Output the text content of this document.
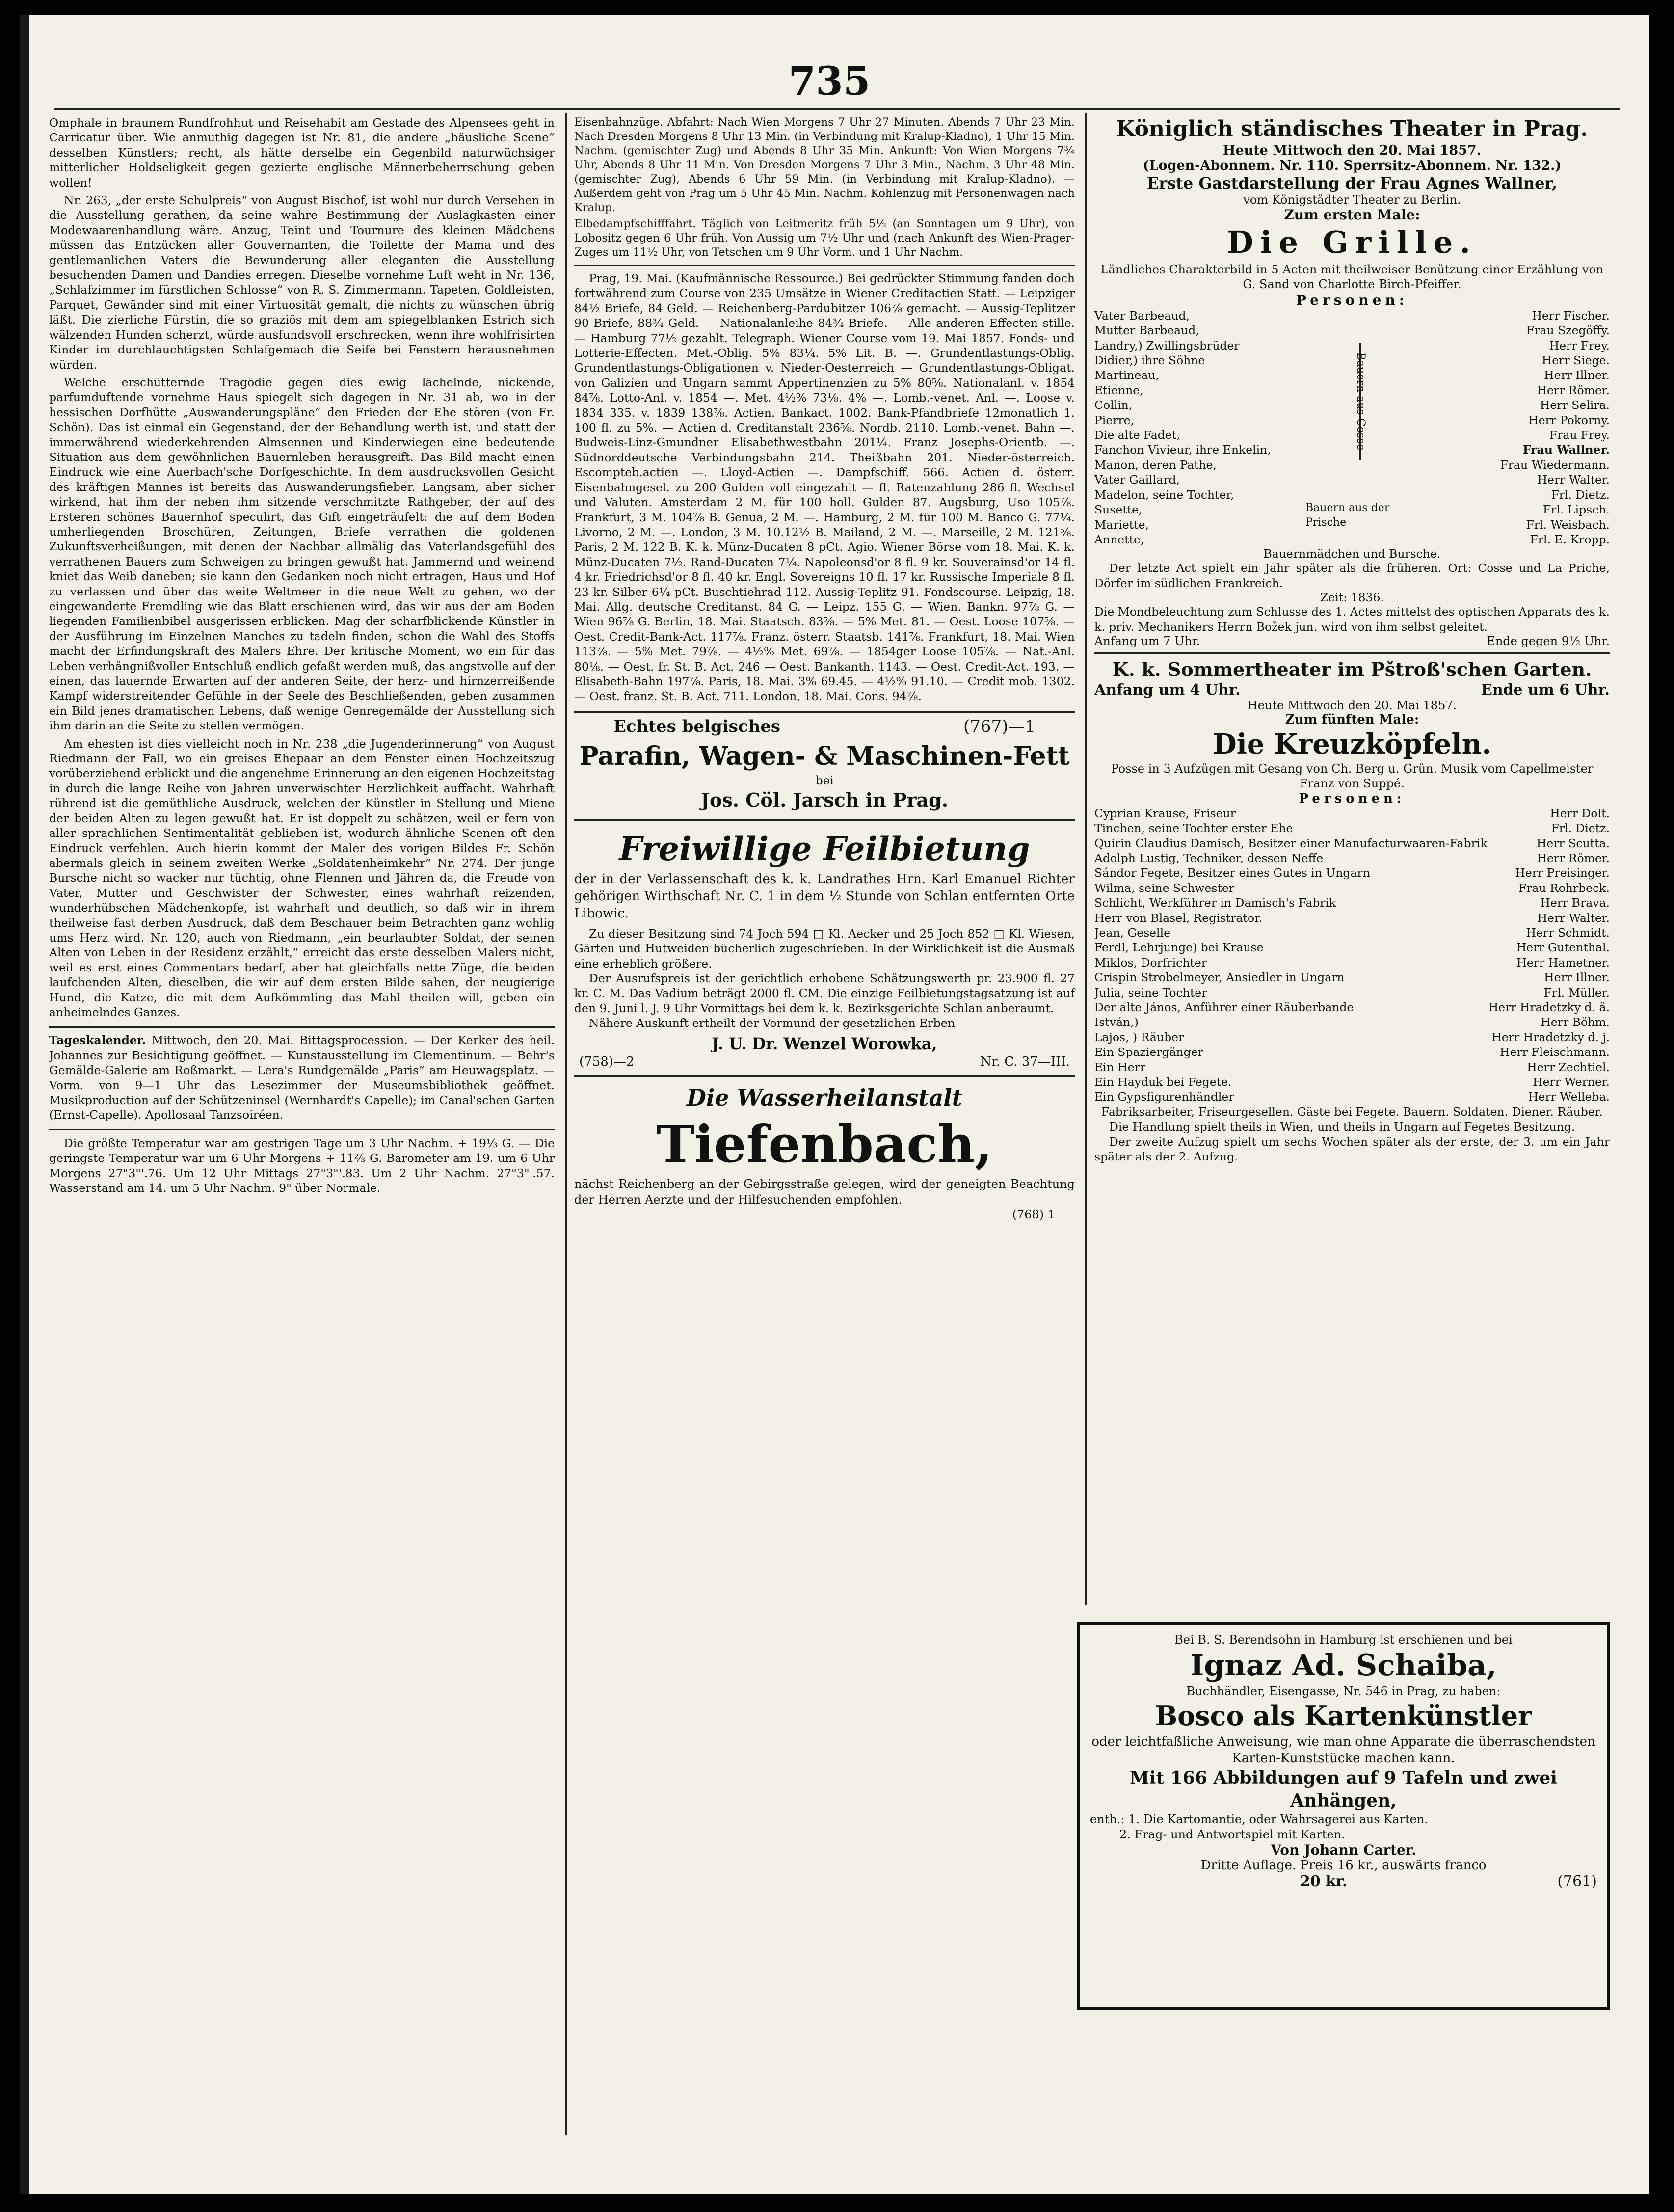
735

Omphale in braunem Rundfrohhut und Reisehabit am Gestade des Alpensees geht in Carricatur über. Wie anmuthig dagegen ist Nr. 81, die andere „häusliche Scene“ desselben Künstlers; recht, als hätte derselbe ein Gegenbild naturwüchsiger mitterlicher Holdseligkeit gegen gezierte englische Männerbeherrschung geben wollen!

Nr. 263, „der erste Schulpreis“ von August Bischof, ist wohl nur durch Versehen in die Ausstellung gerathen, da seine wahre Bestimmung der Auslagkasten einer Modewaarenhandlung wäre. Anzug, Teint und Tournure des kleinen Mädchens müssen das Entzücken aller Gouvernanten, die Toilette der Mama und des gentlemanlichen Vaters die Bewunderung aller eleganten die Ausstellung besuchenden Damen und Dandies erregen. Dieselbe vornehme Luft weht in Nr. 136, „Schlafzimmer im fürstlichen Schlosse“ von R. S. Zimmermann. Tapeten, Goldleisten, Parquet, Gewänder sind mit einer Virtuosität gemalt, die nichts zu wünschen übrig läßt. Die zierliche Fürstin, die so graziös mit dem am spiegelblanken Estrich sich wälzenden Hunden scherzt, würde ausfundsvoll erschrecken, wenn ihre wohlfrisirten Kinder im durchlauchtigsten Schlafgemach die Seife bei Fenstern herausnehmen würden.

Welche erschütternde Tragödie gegen dies ewig lächelnde, nickende, parfumduftende vornehme Haus spiegelt sich dagegen in Nr. 31 ab, wo in der hessischen Dorfhütte „Auswanderungspläne“ den Frieden der Ehe stören (von Fr. Schön). Das ist einmal ein Gegenstand, der der Behandlung werth ist, und statt der immerwährend wiederkehrenden Almsennen und Kinderwiegen eine bedeutende Situation aus dem gewöhnlichen Bauernleben herausgreift. Das Bild macht einen Eindruck wie eine Auerbach'sche Dorfgeschichte. In dem ausdrucksvollen Gesicht des kräftigen Mannes ist bereits das Auswanderungsfieber. Langsam, aber sicher wirkend, hat ihm der neben ihm sitzende verschmitzte Rathgeber, der auf des Ersteren schönes Bauernhof speculirt, das Gift eingeträufelt: die auf dem Boden umherliegenden Broschüren, Zeitungen, Briefe verrathen die goldenen Zukunftsverheißungen, mit denen der Nachbar allmälig das Vaterlandsgefühl des verrathenen Bauers zum Schweigen zu bringen gewußt hat. Jammernd und weinend kniet das Weib daneben; sie kann den Gedanken noch nicht ertragen, Haus und Hof zu verlassen und über das weite Weltmeer in die neue Welt zu gehen, wo der eingewanderte Fremdling wie das Blatt erschienen wird, das wir aus der am Boden liegenden Familienbibel ausgerissen erblicken. Mag der scharfblickende Künstler in der Ausführung im Einzelnen Manches zu tadeln finden, schon die Wahl des Stoffs macht der Erfindungskraft des Malers Ehre. Der kritische Moment, wo ein für das Leben verhängnißvoller Entschluß endlich gefaßt werden muß, das angstvolle auf der einen, das lauernde Erwarten auf der anderen Seite, der herz- und hirnzerreißende Kampf widerstreitender Gefühle in der Seele des Beschließenden, geben zusammen ein Bild jenes dramatischen Lebens, daß wenige Genregemälde der Ausstellung sich ihm darin an die Seite zu stellen vermögen.

Am ehesten ist dies vielleicht noch in Nr. 238 „die Jugenderinnerung“ von August Riedmann der Fall, wo ein greises Ehepaar an dem Fenster einen Hochzeitszug vorüberziehend erblickt und die angenehme Erinnerung an den eigenen Hochzeitstag in durch die lange Reihe von Jahren unverwischter Herzlichkeit auffacht. Wahrhaft rührend ist die gemüthliche Ausdruck, welchen der Künstler in Stellung und Miene der beiden Alten zu legen gewußt hat. Er ist doppelt zu schätzen, weil er fern von aller sprachlichen Sentimentalität geblieben ist, wodurch ähnliche Scenen oft den Eindruck verfehlen. Auch hierin kommt der Maler des vorigen Bildes Fr. Schön abermals gleich in seinem zweiten Werke „Soldatenheimkehr“ Nr. 274. Der junge Bursche nicht so wacker nur tüchtig, ohne Flennen und Jähren da, die Freude von Vater, Mutter und Geschwister der Schwester, eines wahrhaft reizenden, wunderhübschen Mädchenkopfe, ist wahrhaft und deutlich, so daß wir in ihrem theilweise fast derben Ausdruck, daß dem Beschauer beim Betrachten ganz wohlig ums Herz wird. Nr. 120, auch von Riedmann, „ein beurlaubter Soldat, der seinen Alten von Leben in der Residenz erzählt,“ erreicht das erste desselben Malers nicht, weil es erst eines Commentars bedarf, aber hat gleichfalls nette Züge, die beiden laufchenden Alten, dieselben, die wir auf dem ersten Bilde sahen, der neugierige Hund, die Katze, die mit dem Aufkömmling das Mahl theilen will, geben ein anheimelndes Ganzes.

Tageskalender. Mittwoch, den 20. Mai. Bittagsprocession. — Der Kerker des heil. Johannes zur Besichtigung geöffnet. — Kunstausstellung im Clementinum. — Behr's Gemälde-Galerie am Roßmarkt. — Lera's Rundgemälde „Paris“ am Heuwagsplatz. — Vorm. von 9—1 Uhr das Lesezimmer der Museumsbibliothek geöffnet. Musikproduction auf der Schützeninsel (Wernhardt's Capelle); im Canal'schen Garten (Ernst-Capelle). Apollosaal Tanzsoiréen.

Die größte Temperatur war am gestrigen Tage um 3 Uhr Nachm. + 19⅓ G. — Die geringste Temperatur war um 6 Uhr Morgens + 11⅔ G. Barometer am 19. um 6 Uhr Morgens 27"3"'.76. Um 12 Uhr Mittags 27"3"'.83. Um 2 Uhr Nachm. 27"3"'.57. Wasserstand am 14. um 5 Uhr Nachm. 9" über Normale.

Eisenbahnzüge. Abfahrt: Nach Wien Morgens 7 Uhr 27 Minuten. Abends 7 Uhr 23 Min. Nach Dresden Morgens 8 Uhr 13 Min. (in Verbindung mit Kralup-Kladno), 1 Uhr 15 Min. Nachm. (gemischter Zug) und Abends 8 Uhr 35 Min. Ankunft: Von Wien Morgens 7¾ Uhr, Abends 8 Uhr 11 Min. Von Dresden Morgens 7 Uhr 3 Min., Nachm. 3 Uhr 48 Min. (gemischter Zug), Abends 6 Uhr 59 Min. (in Verbindung mit Kralup-Kladno). — Außerdem geht von Prag um 5 Uhr 45 Min. Nachm. Kohlenzug mit Personenwagen nach Kralup.

Elbedampfschifffahrt. Täglich von Leitmeritz früh 5½ (an Sonntagen um 9 Uhr), von Lobositz gegen 6 Uhr früh. Von Aussig um 7½ Uhr und (nach Ankunft des Wien-Prager-Zuges um 11½ Uhr, von Tetschen um 9 Uhr Vorm. und 1 Uhr Nachm.

Prag, 19. Mai. (Kaufmännische Ressource.) Bei gedrückter Stimmung fanden doch fortwährend zum Course von 235 Umsätze in Wiener Creditactien Statt. — Leipziger 84½ Briefe, 84 Geld. — Reichenberg-Pardubitzer 106⅞ gemacht. — Aussig-Teplitzer 90 Briefe, 88¾ Geld. — Nationalanleihe 84¾ Briefe. — Alle anderen Effecten stille. — Hamburg 77½ gezahlt. Telegraph. Wiener Course vom 19. Mai 1857. Fonds- und Lotterie-Effecten. Met.-Oblig. 5% 83¼. 5% Lit. B. —. Grundentlastungs-Oblig. Grundentlastungs-Obligationen v. Nieder-Oesterreich — Grundentlastungs-Obligat. von Galizien und Ungarn sammt Appertinenzien zu 5% 80⅝. Nationalanl. v. 1854 84⅞. Lotto-Anl. v. 1854 —. Met. 4½% 73⅛. 4% —. Lomb.-venet. Anl. —. Loose v. 1834 335. v. 1839 138⅞. Actien. Bankact. 1002. Bank-Pfandbriefe 12monatlich 1. 100 fl. zu 5%. — Actien d. Creditanstalt 236⅝. Nordb. 2110. Lomb.-venet. Bahn —. Budweis-Linz-Gmundner Elisabethwestbahn 201¼. Franz Josephs-Orientb. —. Südnorddeutsche Verbindungsbahn 214. Theißbahn 201. Nieder-österreich. Escompteb.actien —. Lloyd-Actien —. Dampfschiff. 566. Actien d. österr. Eisenbahngesel. zu 200 Gulden voll eingezahlt — fl. Ratenzahlung 286 fl. Wechsel und Valuten. Amsterdam 2 M. für 100 holl. Gulden 87. Augsburg, Uso 105⅞. Frankfurt, 3 M. 104⅞ B. Genua, 2 M. —. Hamburg, 2 M. für 100 M. Banco G. 77¼. Livorno, 2 M. —. London, 3 M. 10.12½ B. Mailand, 2 M. —. Marseille, 2 M. 121⅝. Paris, 2 M. 122 B. K. k. Münz-Ducaten 8 pCt. Agio. Wiener Börse vom 18. Mai. K. k. Münz-Ducaten 7½. Rand-Ducaten 7¼. Napoleonsd'or 8 fl. 9 kr. Souverainsd'or 14 fl. 4 kr. Friedrichsd'or 8 fl. 40 kr. Engl. Sovereigns 10 fl. 17 kr. Russische Imperiale 8 fl. 23 kr. Silber 6¼ pCt. Buschtiehrad 112. Aussig-Teplitz 91. Fondscourse. Leipzig, 18. Mai. Allg. deutsche Creditanst. 84 G. — Leipz. 155 G. — Wien. Bankn. 97⅞ G. — Wien 96⅞ G. Berlin, 18. Mai. Staatsch. 83⅝. — 5% Met. 81. — Oest. Loose 107⅝. — Oest. Credit-Bank-Act. 117⅞. Franz. österr. Staatsb. 141⅞. Frankfurt, 18. Mai. Wien 113⅞. — 5% Met. 79⅞. — 4½% Met. 69⅞. — 1854ger Loose 105⅞. — Nat.-Anl. 80⅛. — Oest. fr. St. B. Act. 246 — Oest. Bankanth. 1143. — Oest. Credit-Act. 193. — Elisabeth-Bahn 197⅞. Paris, 18. Mai. 3% 69.45. — 4½% 91.10. — Credit mob. 1302. — Oest. franz. St. B. Act. 711. London, 18. Mai. Cons. 94⅞.

Echtes belgisches	(767)—1
Parafin, Wagen- & Maschinen-Fett
bei
Jos. Cöl. Jarsch in Prag.
Freiwillige Feilbietung

der in der Verlassenschaft des k. k. Landrathes Hrn. Karl Emanuel Richter gehörigen Wirthschaft Nr. C. 1 in dem ½ Stunde von Schlan entfernten Orte Libowic.

Zu dieser Besitzung sind 74 Joch 594 □ Kl. Aecker und 25 Joch 852 □ Kl. Wiesen, Gärten und Hutweiden bücherlich zugeschrieben. In der Wirklichkeit ist die Ausmaß eine erheblich größere.

Der Ausrufspreis ist der gerichtlich erhobene Schätzungswerth pr. 23.900 fl. 27 kr. C. M. Das Vadium beträgt 2000 fl. CM. Die einzige Feilbietungstagsatzung ist auf den 9. Juni l. J. 9 Uhr Vormittags bei dem k. k. Bezirksgerichte Schlan anberaumt.

Nähere Auskunft ertheilt der Vormund der gesetzlichen Erben

J. U. Dr. Wenzel Worowka,
(758)—2	Nr. C. 37—III.
Die Wasserheilanstalt
Tiefenbach,

nächst Reichenberg an der Gebirgsstraße gelegen, wird der geneigten Beachtung der Herren Aerzte und der Hilfesuchenden empfohlen.

(768) 1
Königlich ständisches Theater in Prag.
Heute Mittwoch den 20. Mai 1857.
(Logen-Abonnem. Nr. 110. Sperrsitz-Abonnem. Nr. 132.)
Erste Gastdarstellung der Frau Agnes Wallner,
vom Königstädter Theater zu Berlin.
Zum ersten Male:
Die Grille.

Ländliches Charakterbild in 5 Acten mit theilweiser Benützung einer Erzählung von G. Sand von Charlotte Birch-Pfeiffer.

Personen:
Vater Barbeaud,	Herr Fischer.
Mutter Barbeaud,	Frau Szegöffy.
Landry,) Zwillingsbrüder	Herr Frey.
Didier,) ihre Söhne	Herr Siege.
Martineau,	Herr Illner.
Etienne,	Herr Römer.
Collin,	Herr Selira.
Pierre,	Herr Pokorny.
Die alte Fadet,	Frau Frey.
Fanchon Vivieur, ihre Enkelin,	Frau Wallner.
Manon, deren Pathe,	Frau Wiedermann.
Vater Gaillard,	Herr Walter.
Madelon, seine Tochter,	Frl. Dietz.
Susette,	Frl. Lipsch.
Mariette,	Frl. Weisbach.
Annette,	Frl. E. Kropp.
Bauern aus Cosse
Bauern aus der Prische
Bauernmädchen und Bursche.

Der letzte Act spielt ein Jahr später als die früheren. Ort: Cosse und La Priche, Dörfer im südlichen Frankreich.

Zeit: 1836.

Die Mondbeleuchtung zum Schlusse des 1. Actes mittelst des optischen Apparats des k. k. priv. Mechanikers Herrn Božek jun. wird von ihm selbst geleitet.

Anfang um 7 Uhr.	Ende gegen 9½ Uhr.
K. k. Sommertheater im Pštroß'schen Garten.
Anfang um 4 Uhr.	Ende um 6 Uhr.
Heute Mittwoch den 20. Mai 1857.
Zum fünften Male:
Die Kreuzköpfeln.

Posse in 3 Aufzügen mit Gesang von Ch. Berg u. Grün. Musik vom Capellmeister Franz von Suppé.

Personen:
Cyprian Krause, Friseur	Herr Dolt.
Tinchen, seine Tochter erster Ehe	Frl. Dietz.
Quirin Claudius Damisch, Besitzer einer Manufacturwaaren-Fabrik	Herr Scutta.
Adolph Lustig, Techniker, dessen Neffe	Herr Römer.
Sándor Fegete, Besitzer eines Gutes in Ungarn	Herr Preisinger.
Wilma, seine Schwester	Frau Rohrbeck.
Schlicht, Werkführer in Damisch's Fabrik	Herr Brava.
Herr von Blasel, Registrator.	Herr Walter.
Jean, Geselle	Herr Schmidt.
Ferdl, Lehrjunge) bei Krause	Herr Gutenthal.
Miklos, Dorfrichter	Herr Hametner.
Crispin Strobelmeyer, Ansiedler in Ungarn	Herr Illner.
Julia, seine Tochter	Frl. Müller.
Der alte János, Anführer einer Räuberbande	Herr Hradetzky d. ä.
István,)	Herr Böhm.
Lajos, ) Räuber	Herr Hradetzky d. j.
Ein Spaziergänger	Herr Fleischmann.
Ein Herr	Herr Zechtiel.
Ein Hayduk bei Fegete.	Herr Werner.
Ein Gypsfigurenhändler	Herr Welleba.

Fabriksarbeiter, Friseurgesellen. Gäste bei Fegete. Bauern. Soldaten. Diener. Räuber.

Die Handlung spielt theils in Wien, und theils in Ungarn auf Fegetes Besitzung.

Der zweite Aufzug spielt um sechs Wochen später als der erste, der 3. um ein Jahr später als der 2. Aufzug.

Bei B. S. Berendsohn in Hamburg ist erschienen und bei

Ignaz Ad. Schaiba,
Buchhändler, Eisengasse, Nr. 546 in Prag, zu haben:
Bosco als Kartenkünstler

oder leichtfaßliche Anweisung, wie man ohne Apparate die überraschendsten Karten-Kunststücke machen kann.

Mit 166 Abbildungen auf 9 Tafeln und zwei Anhängen,

enth.: 1. Die Kartomantie, oder Wahrsagerei aus Karten.

2. Frag- und Antwortspiel mit Karten.

Von Johann Carter.
Dritte Auflage. Preis 16 kr., auswärts franco
20 kr.	(761)
